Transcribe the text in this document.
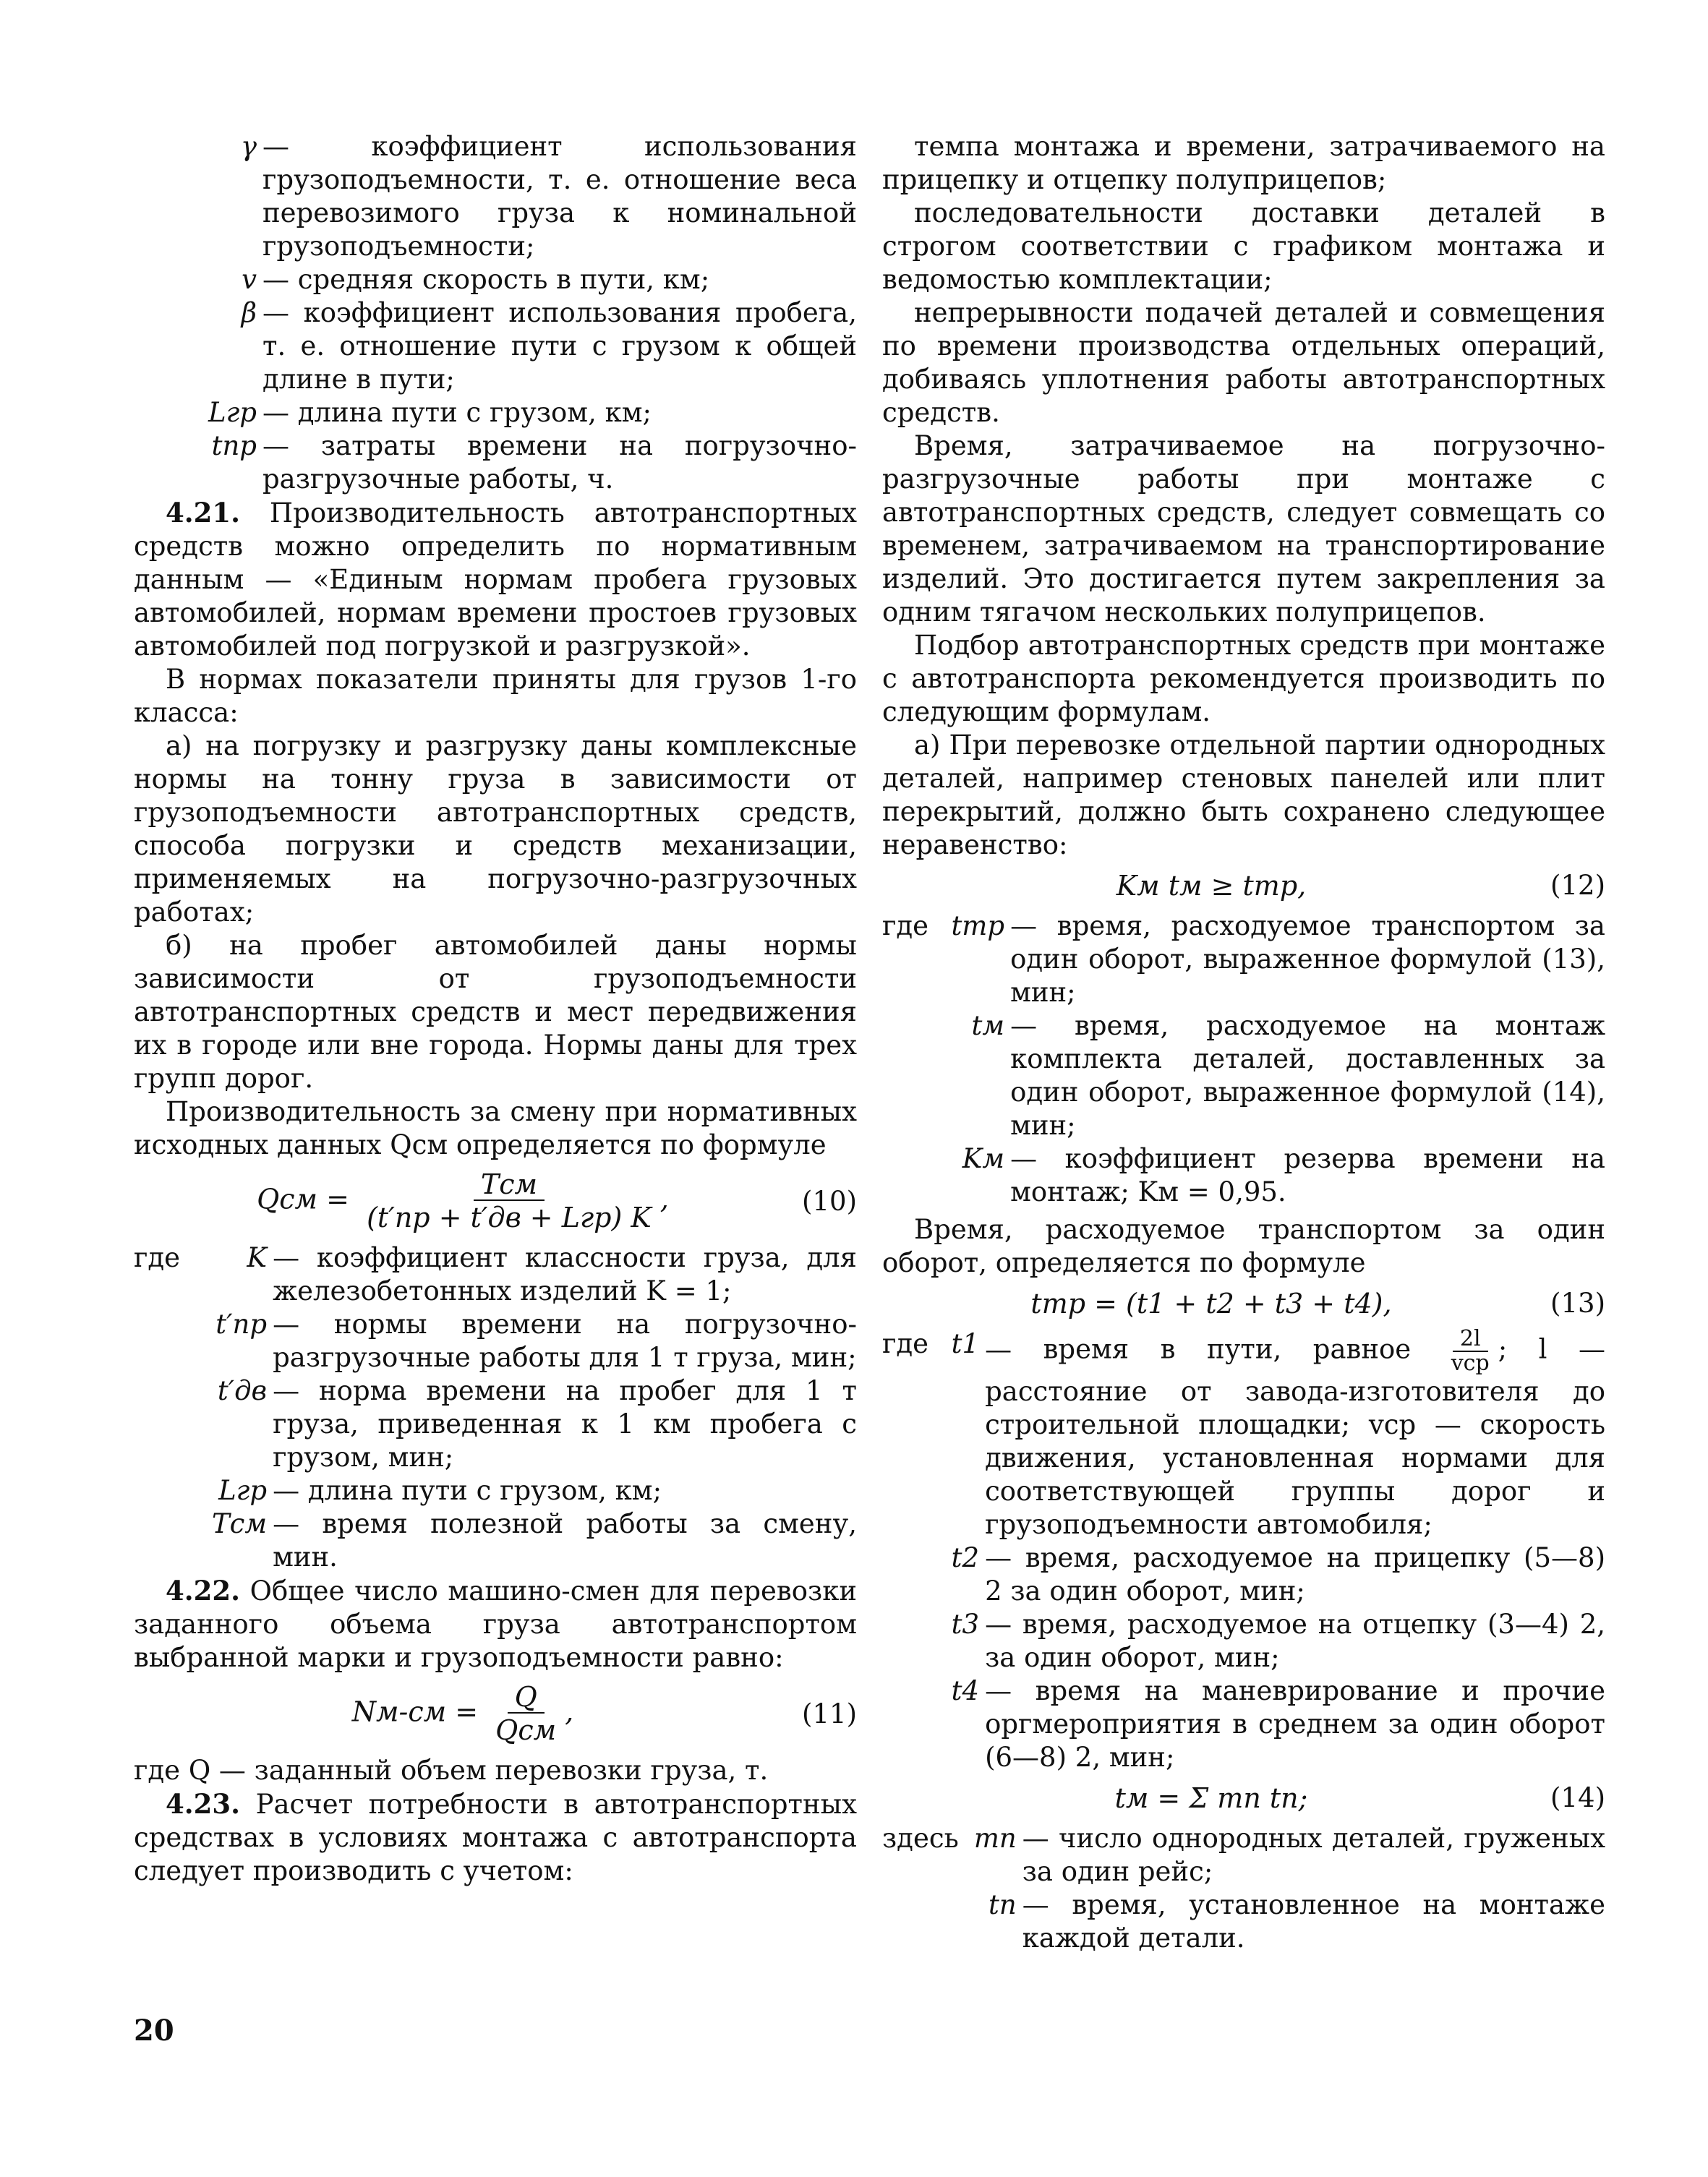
γ	— коэффициент использования грузоподъемности, т. е. отношение веса перевозимого груза к номинальной грузоподъемности;
v	— средняя скорость в пути, км;
β	— коэффициент использования пробега, т. е. отношение пути с грузом к общей длине в пути;
Lгр	— длина пути с грузом, км;
tпр	— затраты времени на погрузочно-разгрузочные работы, ч.

4.21. Производительность автотранспортных средств можно определить по нормативным данным — «Единым нормам пробега грузовых автомобилей, нормам времени простоев грузовых автомобилей под погрузкой и разгрузкой».

В нормах показатели приняты для грузов 1-го класса:

а) на погрузку и разгрузку даны комплексные нормы на тонну груза в зависимости от грузоподъемности автотранспортных средств, способа погрузки и средств механизации, применяемых на погрузочно-разгрузочных работах;

б) на пробег автомобилей даны нормы зависимости от грузоподъемности автотранспортных средств и мест передвижения их в городе или вне города. Нормы даны для трех групп дорог.

Производительность за смену при нормативных исходных данных Qсм определяется по формуле

Qсм = $\frac{\text{Tсм}}{\text{(t′пр + t′дв + Lгр) K}}$ ,	(10)
где	K	— коэффициент классности груза, для железобетонных изделий K = 1;
t′пр	— нормы времени на погрузочно-разгрузочные работы для 1 т груза, мин;
t′дв	— норма времени на пробег для 1 т груза, приведенная к 1 км пробега с грузом, мин;
Lгр	— длина пути с грузом, км;
Tсм	— время полезной работы за смену, мин.

4.22. Общее число машино-смен для перевозки заданного объема груза автотранспортом выбранной марки и грузоподъемности равно:

$Nм-см = \frac{Q}{\text{Qсм}}$ ,	(11)

где Q — заданный объем перевозки груза, т.

4.23. Расчет потребности в автотранспортных средствах в условиях монтажа с автотранспорта следует производить с учетом:

темпа монтажа и времени, затрачиваемого на прицепку и отцепку полуприцепов;

последовательности доставки деталей в строгом соответствии с графиком монтажа и ведомостью комплектации;

непрерывности подачей деталей и совмещения по времени производства отдельных операций, добиваясь уплотнения работы автотранспортных средств.

Время, затрачиваемое на погрузочно-разгрузочные работы при монтаже с автотранспортных средств, следует совмещать со временем, затрачиваемом на транспортирование изделий. Это достигается путем закрепления за одним тягачом нескольких полуприцепов.

Подбор автотранспортных средств при монтаже с автотранспорта рекомендуется производить по следующим формулам.

а) При перевозке отдельной партии однородных деталей, например стеновых панелей или плит перекрытий, должно быть сохранено следующее неравенство:

Kм tм ≥ tтр,	(12)
где tтр	— время, расходуемое транспортом за один оборот, выраженное формулой (13), мин;
tм	— время, расходуемое на монтаж комплекта деталей, доставленных за один оборот, выраженное формулой (14), мин;
Kм	— коэффициент резерва времени на монтаж; Kм = 0,95.

Время, расходуемое транспортом за один оборот, определяется по формуле

tтр = (t1 + t2 + t3 + t4),	(13)
где t1	— время в пути, равное $\frac{2l}{\text{vср}}$ ; l — расстояние от завода-изготовителя до строительной площадки; vср — скорость движения, установленная нормами для соответствующей группы дорог и грузоподъемности автомобиля;
t2	— время, расходуемое на прицепку (5—8) 2 за один оборот, мин;
t3	— время, расходуемое на отцепку (3—4) 2, за один оборот, мин;
t4	— время на маневрирование и прочие оргмероприятия в среднем за один оборот (6—8) 2, мин;
tм = Σ mn tn;	(14)
здесь mn	— число однородных деталей, груженых за один рейс;
tn	— время, установленное на монтаже каждой детали.
20
